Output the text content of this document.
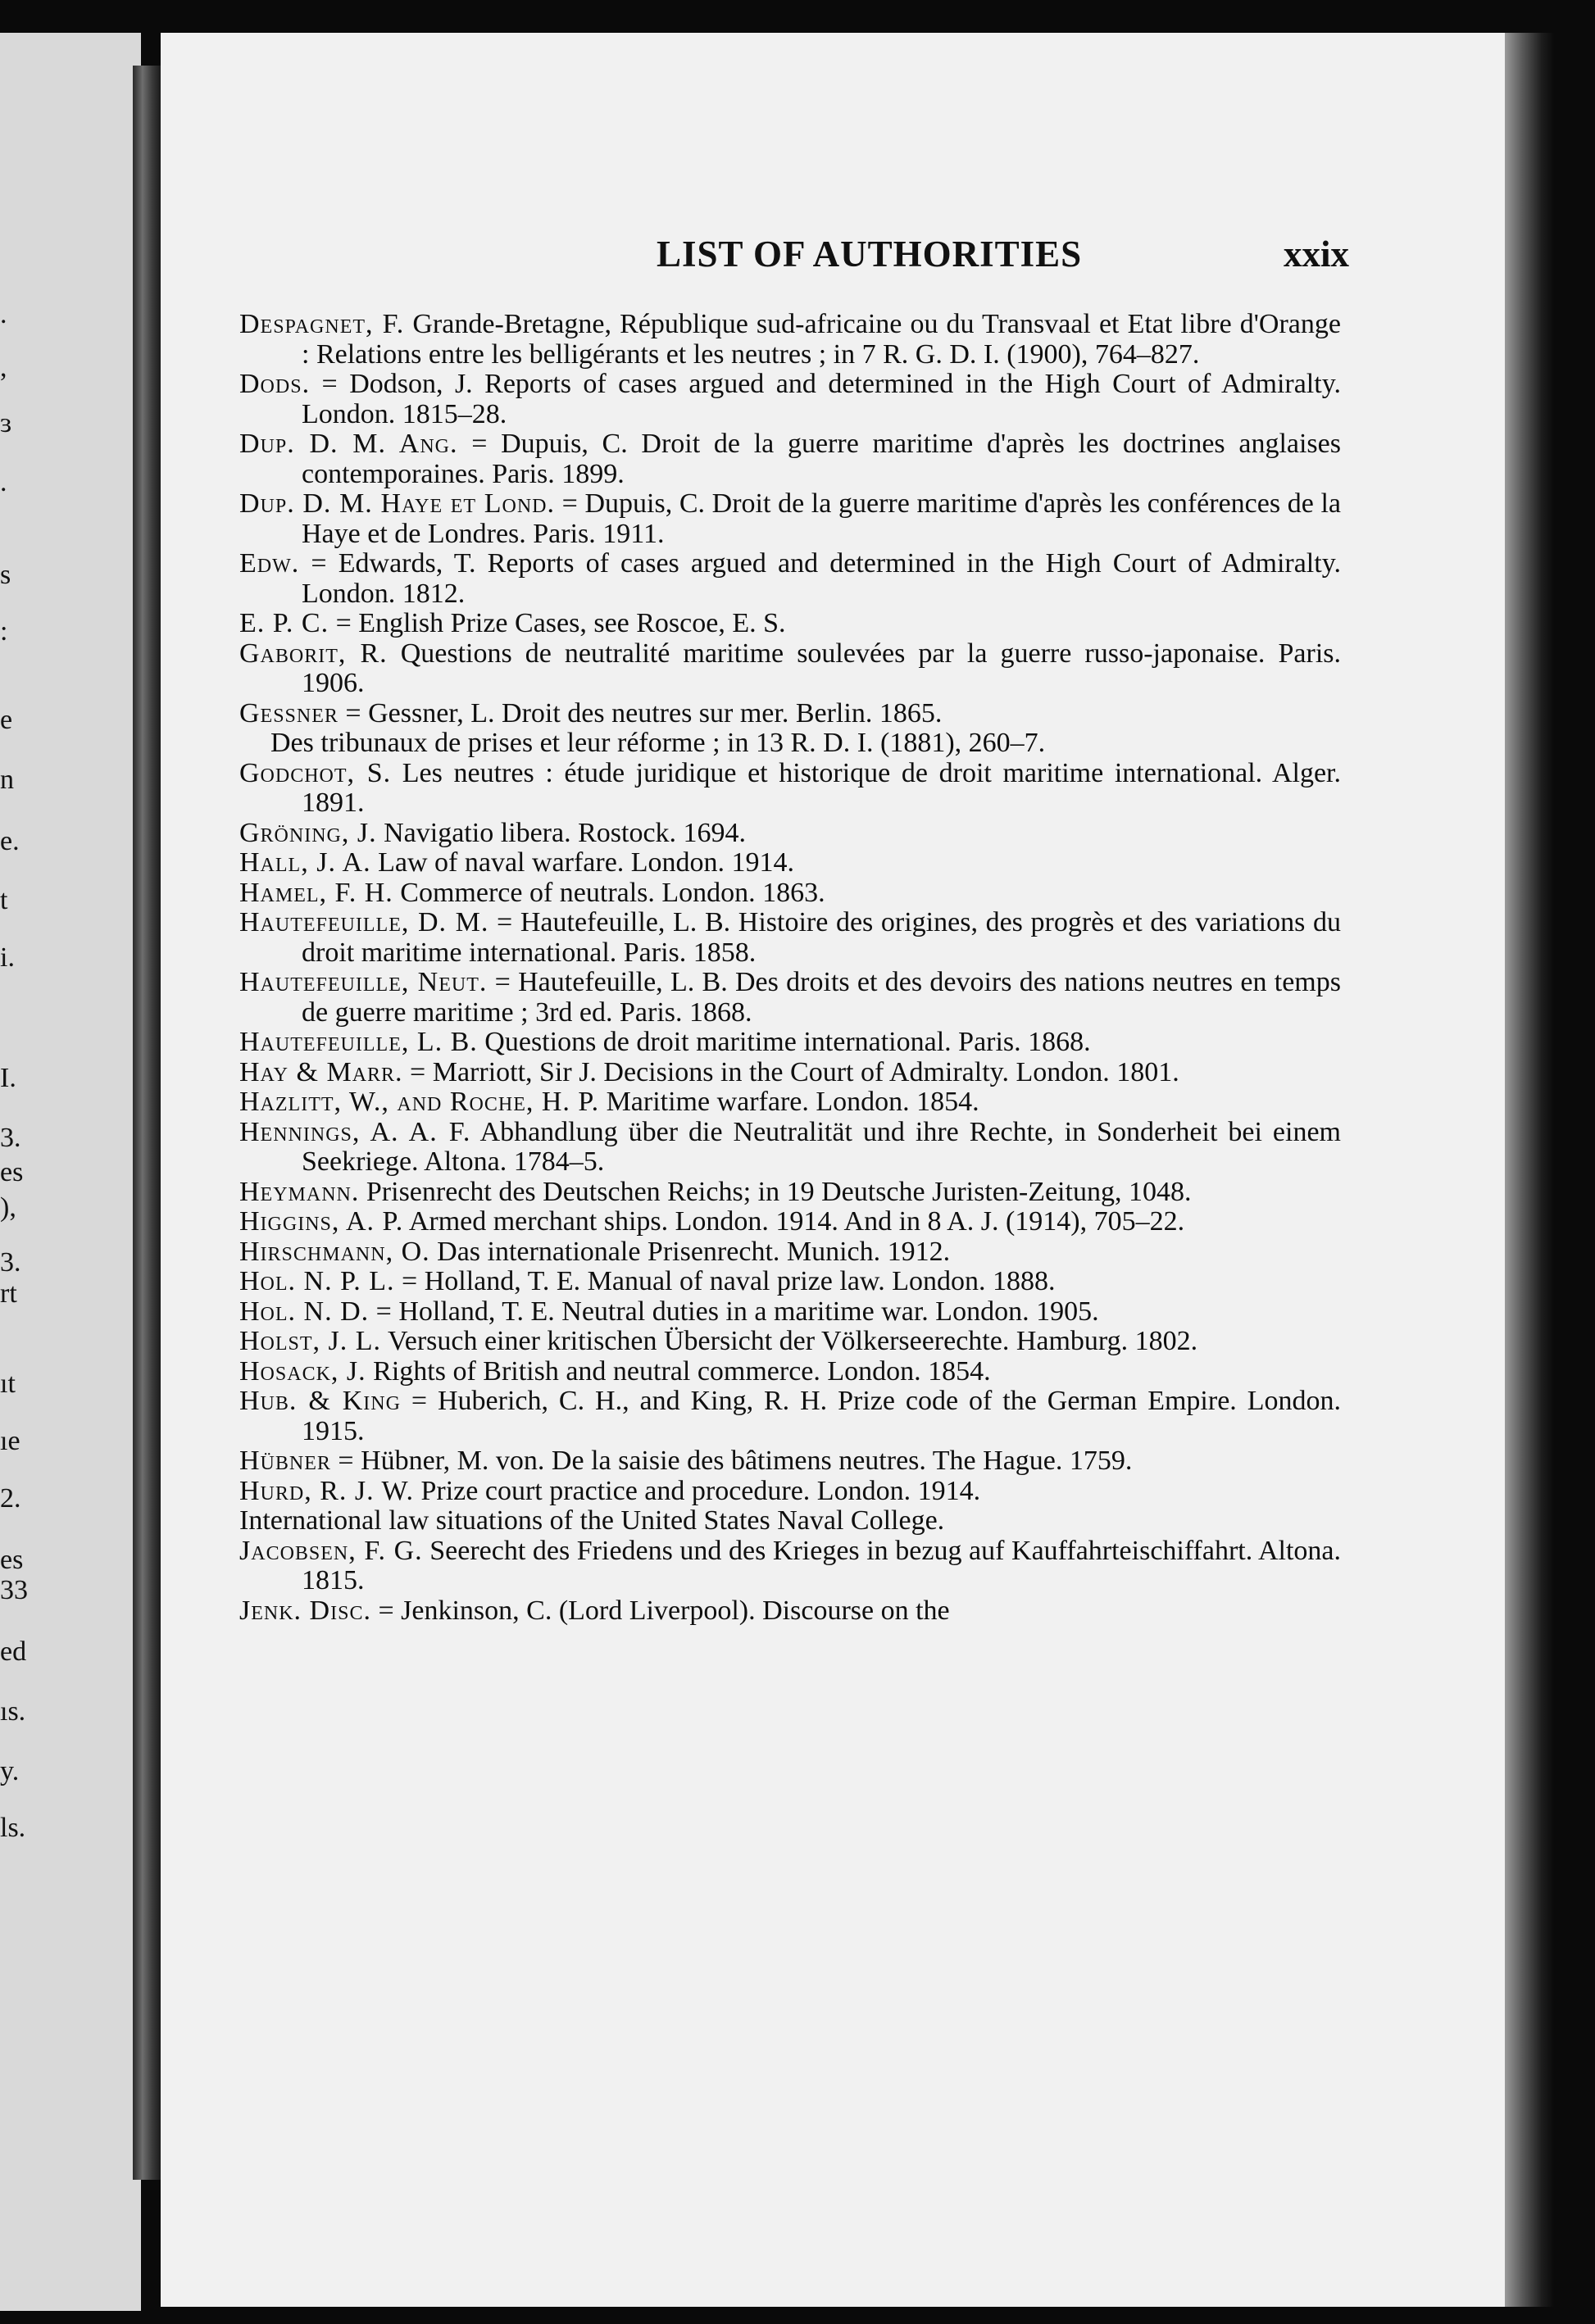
.
,
ɜ
.
s
:
e
n
e.
t
i.
I.
3.
es
),
3.
rt
ıt
ıe
2.
es
33
ed
ıs.
y.
ls.
LIST OF AUTHORITIES	xxix

Despagnet, F. Grande-Bretagne, République sud-africaine ou du Transvaal et Etat libre d'Orange : Relations entre les belligérants et les neutres ; in 7 R. G. D. I. (1900), 764–827.

Dods. = Dodson, J. Reports of cases argued and determined in the High Court of Admiralty. London. 1815–28.

Dup. D. M. Ang. = Dupuis, C. Droit de la guerre maritime d'après les doctrines anglaises contemporaines. Paris. 1899.

Dup. D. M. Haye et Lond. = Dupuis, C. Droit de la guerre maritime d'après les conférences de la Haye et de Londres. Paris. 1911.

Edw. = Edwards, T. Reports of cases argued and determined in the High Court of Admiralty. London. 1812.

E. P. C. = English Prize Cases, see Roscoe, E. S.

Gaborit, R. Questions de neutralité maritime soulevées par la guerre russo-japonaise. Paris. 1906.

Gessner = Gessner, L. Droit des neutres sur mer. Berlin. 1865.

Des tribunaux de prises et leur réforme ; in 13 R. D. I. (1881), 260–7.

Godchot, S. Les neutres : étude juridique et historique de droit maritime international. Alger. 1891.

Gröning, J. Navigatio libera. Rostock. 1694.

Hall, J. A. Law of naval warfare. London. 1914.

Hamel, F. H. Commerce of neutrals. London. 1863.

Hautefeuille, D. M. = Hautefeuille, L. B. Histoire des origines, des progrès et des variations du droit maritime international. Paris. 1858.

Hautefeuille, Neut. = Hautefeuille, L. B. Des droits et des devoirs des nations neutres en temps de guerre maritime ; 3rd ed. Paris. 1868.

Hautefeuille, L. B. Questions de droit maritime international. Paris. 1868.

Hay & Marr. = Marriott, Sir J. Decisions in the Court of Admiralty. London. 1801.

Hazlitt, W., and Roche, H. P. Maritime warfare. London. 1854.

Hennings, A. A. F. Abhandlung über die Neutralität und ihre Rechte, in Sonderheit bei einem Seekriege. Altona. 1784–5.

Heymann. Prisenrecht des Deutschen Reichs; in 19 Deutsche Juristen-Zeitung, 1048.

Higgins, A. P. Armed merchant ships. London. 1914. And in 8 A. J. (1914), 705–22.

Hirschmann, O. Das internationale Prisenrecht. Munich. 1912.

Hol. N. P. L. = Holland, T. E. Manual of naval prize law. London. 1888.

Hol. N. D. = Holland, T. E. Neutral duties in a maritime war. London. 1905.

Holst, J. L. Versuch einer kritischen Übersicht der Völkerseerechte. Hamburg. 1802.

Hosack, J. Rights of British and neutral commerce. London. 1854.

Hub. & King = Huberich, C. H., and King, R. H. Prize code of the German Empire. London. 1915.

Hübner = Hübner, M. von. De la saisie des bâtimens neutres. The Hague. 1759.

Hurd, R. J. W. Prize court practice and procedure. London. 1914.

International law situations of the United States Naval College.

Jacobsen, F. G. Seerecht des Friedens und des Krieges in bezug auf Kauffahrteischiffahrt. Altona. 1815.

Jenk. Disc. = Jenkinson, C. (Lord Liverpool). Discourse on the
